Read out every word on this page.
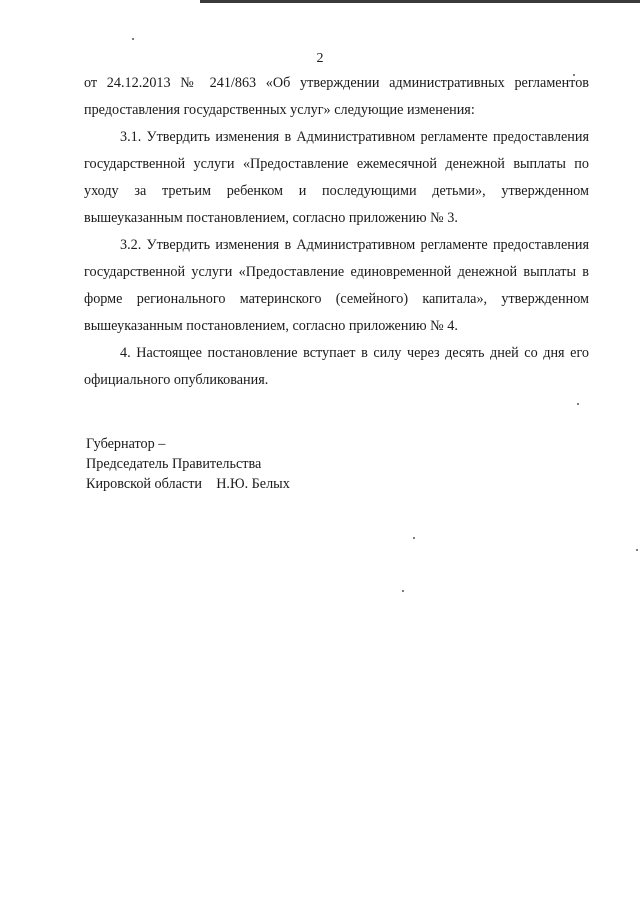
2

от 24.12.2013 № 241/863 «Об утверждении административных регламентов предоставления государственных услуг» следующие изменения:

3.1. Утвердить изменения в Административном регламенте предоставления государственной услуги «Предоставление ежемесячной денежной выплаты по уходу за третьим ребенком и последующими детьми», утвержденном вышеуказанным постановлением, согласно приложению № 3.

3.2. Утвердить изменения в Административном регламенте предоставления государственной услуги «Предоставление единовременной денежной выплаты в форме регионального материнского (семейного) капитала», утвержденном вышеуказанным постановлением, согласно приложению № 4.

4. Настоящее постановление вступает в силу через десять дней со дня его официального опубликования.

Губернатор –
Председатель Правительства
Кировской области Н.Ю. Белых
